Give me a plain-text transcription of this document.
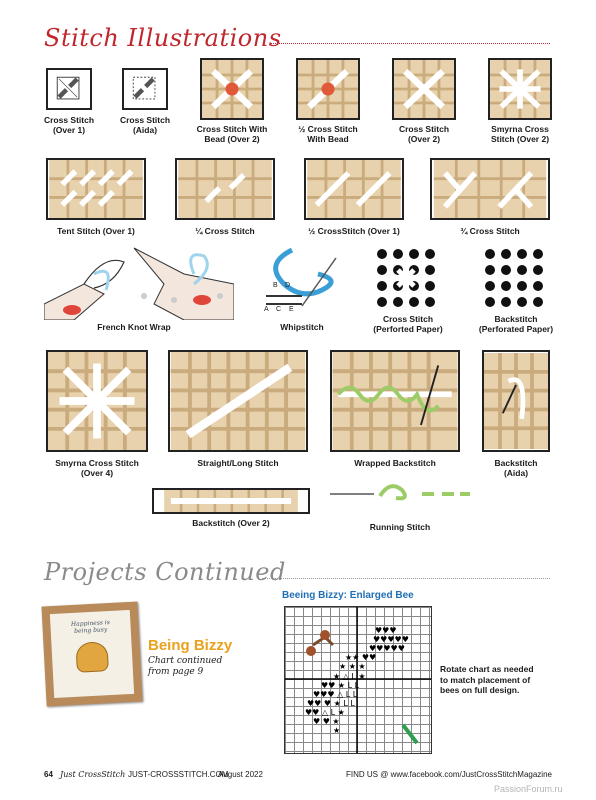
Stitch Illustrations
Cross Stitch
(Over 1)
Cross Stitch
(Aida)	Cross Stitch With
Bead (Over 2)
½ Cross Stitch
With Bead
Cross Stitch
(Over 2)
Smyrna Cross
Stitch (Over 2)
Tent Stitch (Over 1)	¼ Cross Stitch	½ CrossStitch (Over 1)	¾ Cross Stitch
French Knot Wrap
B D
A C E
Whipstitch
Cross Stitch
(Perforted Paper)
Backstitch
(Perforated Paper)
Smyrna Cross Stitch
(Over 4)
Straight/Long Stitch	Wrapped Backstitch	Backstitch
(Aida)
Backstitch (Over 2)	Running Stitch
Projects Continued
Happiness is
being busy
Being Bizzy
Chart continued
from page 9
Beeing Bizzy: Enlarged Bee
♥♥♥
♥♥♥♥♥
♥♥♥♥♥
★★ ♥♥
★ ★ ★
★ △ L ★
♥♥ ★ L L
♥♥♥ △ L L
♥♥ ♥ ★ L L
♥♥ △ L ★
♥ ♥ ★
★
Rotate chart as needed
to match placement of
bees on full design.
64 Just CrossStitch JUST-CROSSSTITCH.COM
August 2022	FIND US @ www.facebook.com/JustCrossStitchMagazine
PassionForum.ru
